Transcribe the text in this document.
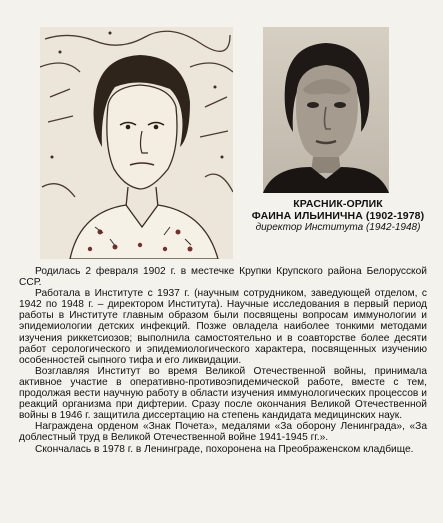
КРАСНИК-ОРЛИК
ФАИНА ИЛЬИНИЧНА (1902-1978)
директор Института (1942-1948)

Родилась 2 февраля 1902 г. в местечке Крупки Крупского района Белорусской ССР.

Работала в Институте с 1937 г. (научным сотрудником, заведующей отделом, с 1942 по 1948 г. – директором Института). Научные исследования в первый период работы в Институте главным образом были посвящены вопросам иммунологии и эпидемиологии детских инфекций. Позже овладела наиболее тонкими методами изучения риккетсиозов; выполнила самостоятельно и в соавторстве более десяти работ серологического и эпидемиологического характера, посвященных изучению особенностей сыпного тифа и его ликвидации.

Возглавляя Институт во время Великой Отечественной войны, принимала активное участие в оперативно-противоэпидемической работе, вместе с тем, продолжая вести научную работу в области изучения иммунологических процессов и реакций организма при дифтерии. Сразу после окончания Великой Отечественной войны в 1946 г. защитила диссертацию на степень кандидата медицинских наук.

Награждена орденом «Знак Почета», медалями «За оборону Ленинграда», «За доблестный труд в Великой Отечественной войне 1941-1945 гг.».

Скончалась в 1978 г. в Ленинграде, похоронена на Преображенском кладбище.
